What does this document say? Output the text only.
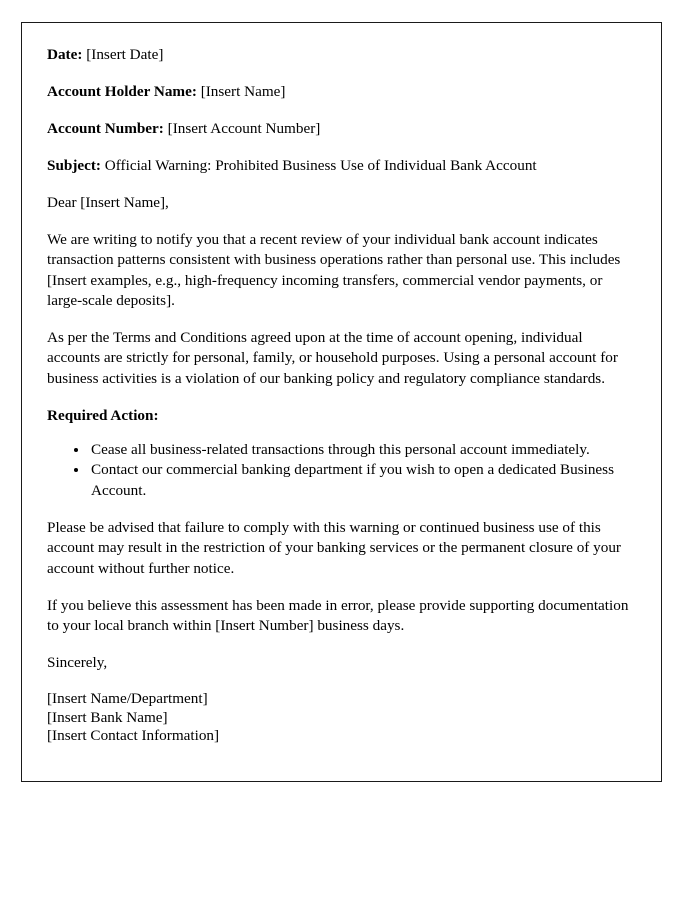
Date: [Insert Date]

Account Holder Name: [Insert Name]

Account Number: [Insert Account Number]

Subject: Official Warning: Prohibited Business Use of Individual Bank Account

Dear [Insert Name],

We are writing to notify you that a recent review of your individual bank account indicates transaction patterns consistent with business operations rather than personal use. This includes [Insert examples, e.g., high-frequency incoming transfers, commercial vendor payments, or large-scale deposits].

As per the Terms and Conditions agreed upon at the time of account opening, individual accounts are strictly for personal, family, or household purposes. Using a personal account for business activities is a violation of our banking policy and regulatory compliance standards.

Required Action:

• Cease all business-related transactions through this personal account immediately.
• Contact our commercial banking department if you wish to open a dedicated Business Account.

Please be advised that failure to comply with this warning or continued business use of this account may result in the restriction of your banking services or the permanent closure of your account without further notice.

If you believe this assessment has been made in error, please provide supporting documentation to your local branch within [Insert Number] business days.

Sincerely,

[Insert Name/Department]
[Insert Bank Name]
[Insert Contact Information]
